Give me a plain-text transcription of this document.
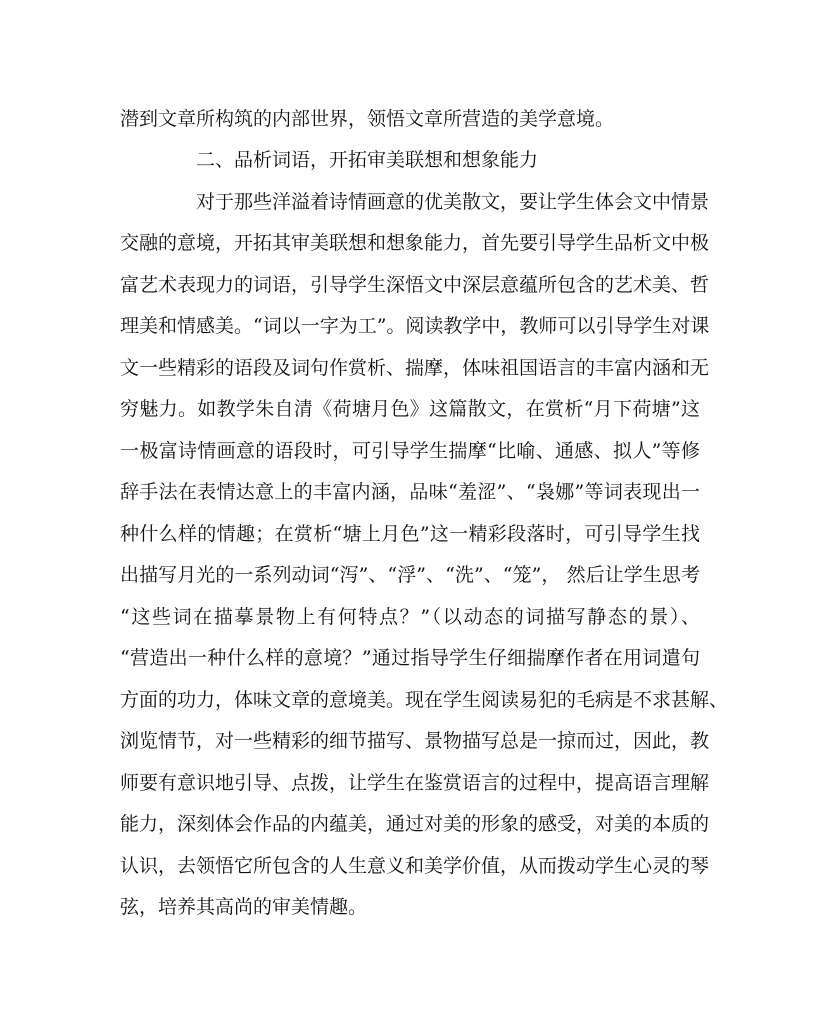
潜到文章所构筑的内部世界，领悟文章所营造的美学意境。
二、品析词语，开拓审美联想和想象能力
对于那些洋溢着诗情画意的优美散文，要让学生体会文中情景
交融的意境，开拓其审美联想和想象能力，首先要引导学生品析文中极
富艺术表现力的词语，引导学生深悟文中深层意蕴所包含的艺术美、哲
理美和情感美。“词以一字为工”。阅读教学中，教师可以引导学生对课
文一些精彩的语段及词句作赏析、揣摩，体味祖国语言的丰富内涵和无
穷魅力。如教学朱自清《荷塘月色》这篇散文，在赏析“月下荷塘”这
一极富诗情画意的语段时，可引导学生揣摩“比喻、通感、拟人”等修
辞手法在表情达意上的丰富内涵，品味“羞涩”、“袅娜”等词表现出一
种什么样的情趣；在赏析“塘上月色”这一精彩段落时，可引导学生找
出描写月光的一系列动词“泻”、“浮”、“洗”、“笼”， 然后让学生思考
“这些词在描摹景物上有何特点？”（以动态的词描写静态的景）、
“营造出一种什么样的意境？”通过指导学生仔细揣摩作者在用词遣句
方面的功力，体味文章的意境美。现在学生阅读易犯的毛病是不求甚解、
浏览情节，对一些精彩的细节描写、景物描写总是一掠而过，因此，教
师要有意识地引导、点拨，让学生在鉴赏语言的过程中，提高语言理解
能力，深刻体会作品的内蕴美，通过对美的形象的感受，对美的本质的
认识，去领悟它所包含的人生意义和美学价值，从而拨动学生心灵的琴
弦，培养其高尚的审美情趣。
